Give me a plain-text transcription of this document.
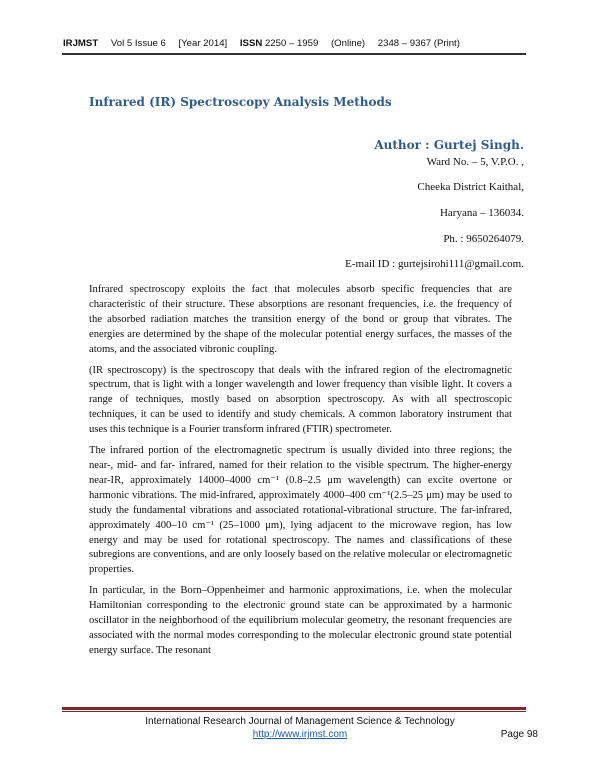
IRJMST Vol 5 Issue 6 [Year 2014] ISSN 2250 – 1959 (Online) 2348 – 9367 (Print)
Infrared (IR) Spectroscopy Analysis Methods
Author : Gurtej Singh.
Ward No. – 5, V.P.O. ,
Cheeka District Kaithal,
Haryana – 136034.
Ph. : 9650264079.
E-mail ID : gurtejsirohi111@gmail.com.

Infrared spectroscopy exploits the fact that molecules absorb specific frequencies that are characteristic of their structure. These absorptions are resonant frequencies, i.e. the frequency of the absorbed radiation matches the transition energy of the bond or group that vibrates. The energies are determined by the shape of the molecular potential energy surfaces, the masses of the atoms, and the associated vibronic coupling.

(IR spectroscopy) is the spectroscopy that deals with the infrared region of the electromagnetic spectrum, that is light with a longer wavelength and lower frequency than visible light. It covers a range of techniques, mostly based on absorption spectroscopy. As with all spectroscopic techniques, it can be used to identify and study chemicals. A common laboratory instrument that uses this technique is a Fourier transform infrared (FTIR) spectrometer.

The infrared portion of the electromagnetic spectrum is usually divided into three regions; the near-, mid- and far- infrared, named for their relation to the visible spectrum. The higher-energy near-IR, approximately 14000–4000 cm⁻¹ (0.8–2.5 μm wavelength) can excite overtone or harmonic vibrations. The mid-infrared, approximately 4000–400 cm⁻¹(2.5–25 μm) may be used to study the fundamental vibrations and associated rotational-vibrational structure. The far-infrared, approximately 400–10 cm⁻¹ (25–1000 μm), lying adjacent to the microwave region, has low energy and may be used for rotational spectroscopy. The names and classifications of these subregions are conventions, and are only loosely based on the relative molecular or electromagnetic properties.

In particular, in the Born–Oppenheimer and harmonic approximations, i.e. when the molecular Hamiltonian corresponding to the electronic ground state can be approximated by a harmonic oscillator in the neighborhood of the equilibrium molecular geometry, the resonant frequencies are associated with the normal modes corresponding to the molecular electronic ground state potential energy surface. The resonant

International Research Journal of Management Science & Technology
http://www.irjmst.com	Page 98
